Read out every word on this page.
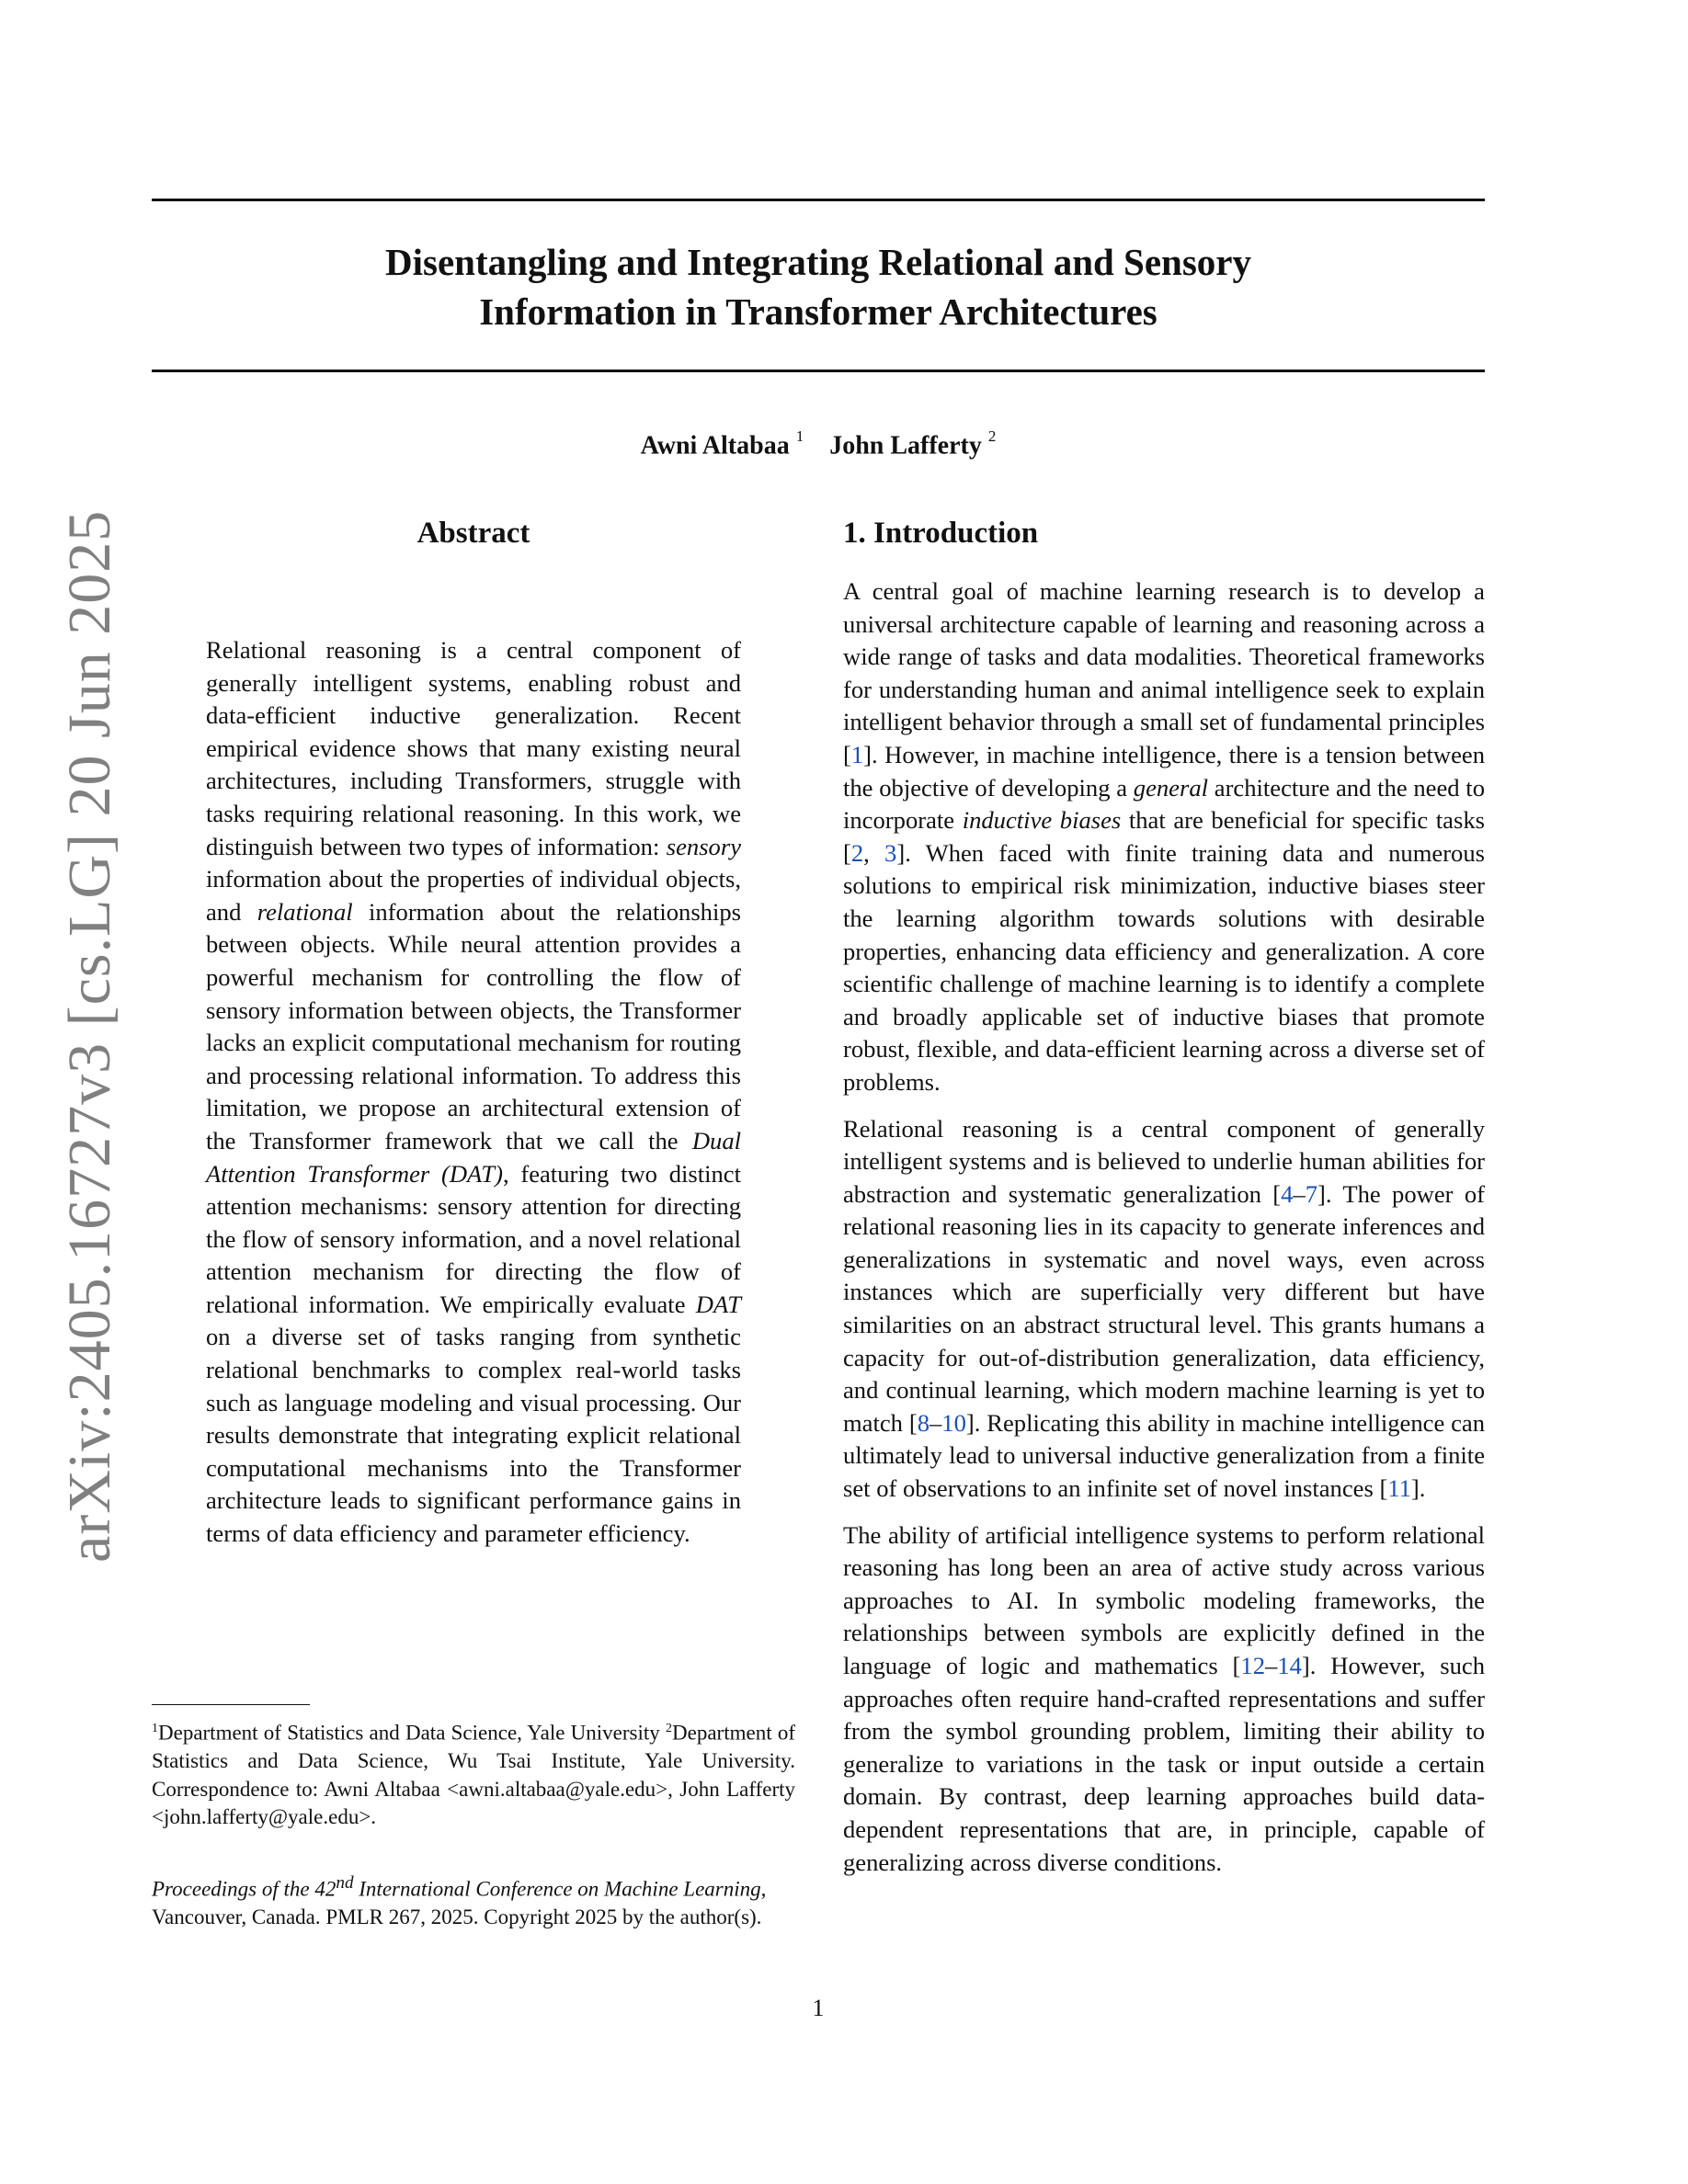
arXiv:2405.16727v3 [cs.LG] 20 Jun 2025
Disentangling and Integrating Relational and Sensory
Information in Transformer Architectures
Awni Altabaa $^1$ John Lafferty $^2$
Abstract

Relational reasoning is a central component of generally intelligent systems, enabling robust and data-efficient inductive generalization. Recent empirical evidence shows that many existing neural architectures, including Transformers, struggle with tasks requiring relational reasoning. In this work, we distinguish between two types of information: sensory information about the properties of individual objects, and relational information about the relationships between objects. While neural attention provides a powerful mechanism for controlling the flow of sensory information between objects, the Transformer lacks an explicit computational mechanism for routing and processing relational information. To address this limitation, we propose an architectural extension of the Transformer framework that we call the Dual Attention Transformer (DAT), featuring two distinct attention mechanisms: sensory attention for directing the flow of sensory information, and a novel relational attention mechanism for directing the flow of relational information. We empirically evaluate DAT on a diverse set of tasks ranging from synthetic relational benchmarks to complex real-world tasks such as language modeling and visual processing. Our results demonstrate that integrating explicit relational computational mechanisms into the Transformer architecture leads to significant performance gains in terms of data efficiency and parameter efficiency.

$^1$Department of Statistics and Data Science, Yale University $^2$Department of Statistics and Data Science, Wu Tsai Institute, Yale University. Correspondence to: Awni Altabaa <awni.altabaa@yale.edu>, John Lafferty <john.lafferty@yale.edu>.

Proceedings of the 42nd International Conference on Machine Learning, Vancouver, Canada. PMLR 267, 2025. Copyright 2025 by the author(s).

1. Introduction

A central goal of machine learning research is to develop a universal architecture capable of learning and reasoning across a wide range of tasks and data modalities. Theoretical frameworks for understanding human and animal intelligence seek to explain intelligent behavior through a small set of fundamental principles [1]. However, in machine intelligence, there is a tension between the objective of developing a general architecture and the need to incorporate inductive biases that are beneficial for specific tasks [2, 3]. When faced with finite training data and numerous solutions to empirical risk minimization, inductive biases steer the learning algorithm towards solutions with desirable properties, enhancing data efficiency and generalization. A core scientific challenge of machine learning is to identify a complete and broadly applicable set of inductive biases that promote robust, flexible, and data-efficient learning across a diverse set of problems.

Relational reasoning is a central component of generally intelligent systems and is believed to underlie human abilities for abstraction and systematic generalization [4–7]. The power of relational reasoning lies in its capacity to generate inferences and generalizations in systematic and novel ways, even across instances which are superficially very different but have similarities on an abstract structural level. This grants humans a capacity for out-of-distribution generalization, data efficiency, and continual learning, which modern machine learning is yet to match [8–10]. Replicating this ability in machine intelligence can ultimately lead to universal inductive generalization from a finite set of observations to an infinite set of novel instances [11].

The ability of artificial intelligence systems to perform relational reasoning has long been an area of active study across various approaches to AI. In symbolic modeling frameworks, the relationships between symbols are explicitly defined in the language of logic and mathematics [12–14]. However, such approaches often require hand-crafted representations and suffer from the symbol grounding problem, limiting their ability to generalize to variations in the task or input outside a certain domain. By contrast, deep learning approaches build data-dependent representations that are, in principle, capable of generalizing across diverse conditions.

1
